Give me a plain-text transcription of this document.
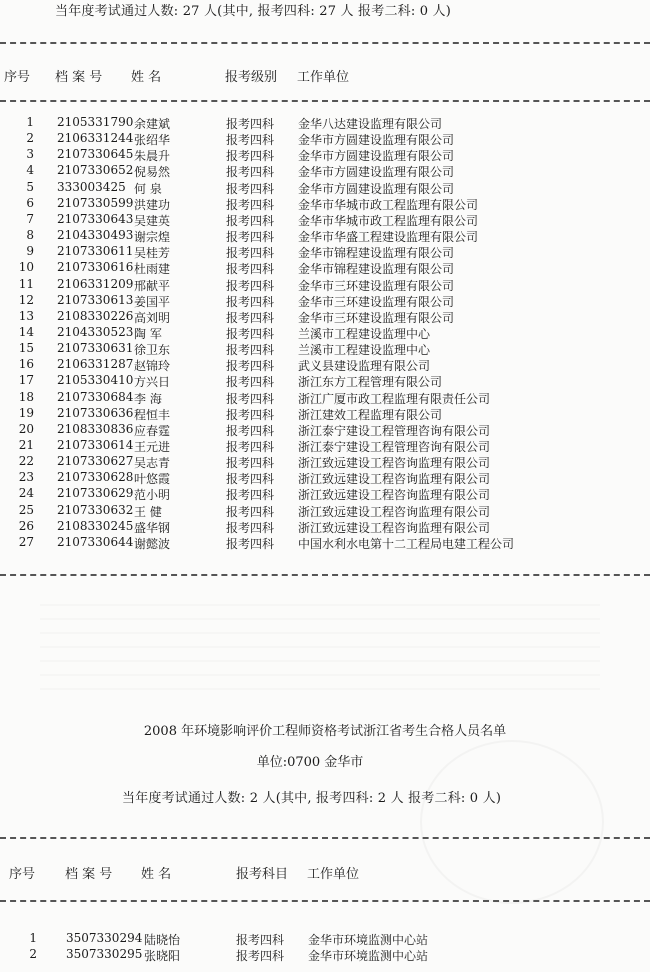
当年度考试通过人数: 27 人(其中, 报考四科: 27 人 报考二科: 0 人)
序号 档 案 号 姓 名	报考级别 工作单位
1 2105331790 余建斌	报考四科 金华八达建设监理有限公司
2 2106331244 张绍华	报考四科 金华市方圆建设监理有限公司
3 2107330645 朱晨升	报考四科 金华市方圆建设监理有限公司
4 2107330652 倪易然	报考四科 金华市方圆建设监理有限公司
5 333003425 何 泉	报考四科 金华市方圆建设监理有限公司
6 2107330599 洪建功	报考四科 金华市华城市政工程监理有限公司
7 2107330643 吴建英	报考四科 金华市华城市政工程监理有限公司
8 2104330493 谢宗煌	报考四科 金华市华盛工程建设监理有限公司
9 2107330611 吴桂芳	报考四科 金华市锦程建设监理有限公司
10 2107330616 杜雨建	报考四科 金华市锦程建设监理有限公司
11 2106331209 邢献平	报考四科 金华市三环建设监理有限公司
12 2107330613 姜国平	报考四科 金华市三环建设监理有限公司
13 2108330226 高刘明	报考四科 金华市三环建设监理有限公司
14 2104330523 陶 军	报考四科 兰溪市工程建设监理中心
15 2107330631 徐卫东	报考四科 兰溪市工程建设监理中心
16 2106331287 赵锦玲	报考四科 武义县建设监理有限公司
17 2105330410 方兴日	报考四科 浙江东方工程管理有限公司
18 2107330684 李 海	报考四科 浙江广厦市政工程监理有限责任公司
19 2107330636 程恒丰	报考四科 浙江建效工程监理有限公司
20 2108330836 应春霆	报考四科 浙江泰宁建设工程管理咨询有限公司
21 2107330614 王元进	报考四科 浙江泰宁建设工程管理咨询有限公司
22 2107330627 吴志青	报考四科 浙江致远建设工程咨询监理有限公司
23 2107330628 叶悠霞	报考四科 浙江致远建设工程咨询监理有限公司
24 2107330629 范小明	报考四科 浙江致远建设工程咨询监理有限公司
25 2107330632 王 健	报考四科 浙江致远建设工程咨询监理有限公司
26 2108330245 盛华钢	报考四科 浙江致远建设工程咨询监理有限公司
27 2107330644 谢懿波	报考四科 中国水利水电第十二工程局电建工程公司
2008 年环境影响评价工程师资格考试浙江省考生合格人员名单
单位:0700 金华市
当年度考试通过人数: 2 人(其中, 报考四科: 2 人 报考二科: 0 人)
序号 档 案 号 姓 名	报考科目 工作单位
1 3507330294 陆晓怡	报考四科 金华市环境监测中心站
2 3507330295 张晓阳	报考四科 金华市环境监测中心站
